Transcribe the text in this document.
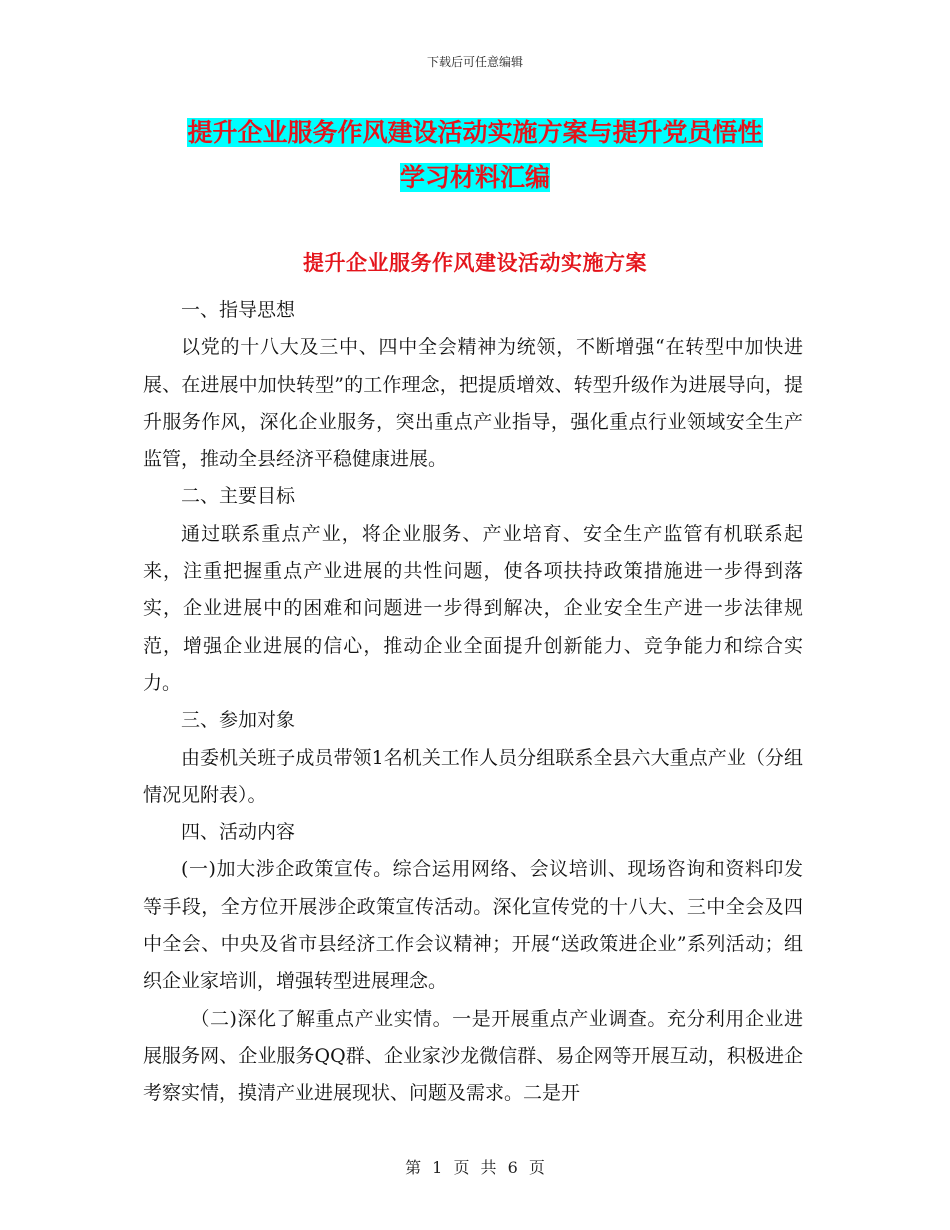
下载后可任意编辑
提升企业服务作风建设活动实施方案与提升党员悟性
学习材料汇编
提升企业服务作风建设活动实施方案

一、指导思想

以党的十八大及三中、四中全会精神为统领，不断增强“在转型中加快进展、在进展中加快转型”的工作理念，把提质增效、转型升级作为进展导向，提升服务作风，深化企业服务，突出重点产业指导，强化重点行业领域安全生产监管，推动全县经济平稳健康进展。

二、主要目标

通过联系重点产业，将企业服务、产业培育、安全生产监管有机联系起来，注重把握重点产业进展的共性问题，使各项扶持政策措施进一步得到落实，企业进展中的困难和问题进一步得到解决，企业安全生产进一步法律规范，增强企业进展的信心，推动企业全面提升创新能力、竞争能力和综合实力。

三、参加对象

由委机关班子成员带领1名机关工作人员分组联系全县六大重点产业（分组情况见附表）。

四、活动内容

(一)加大涉企政策宣传。综合运用网络、会议培训、现场咨询和资料印发等手段，全方位开展涉企政策宣传活动。深化宣传党的十八大、三中全会及四中全会、中央及省市县经济工作会议精神；开展“送政策进企业”系列活动；组织企业家培训，增强转型进展理念。

（二)深化了解重点产业实情。一是开展重点产业调查。充分利用企业进展服务网、企业服务QQ群、企业家沙龙微信群、易企网等开展互动，积极进企考察实情，摸清产业进展现状、问题及需求。二是开

第 1 页 共 6 页
